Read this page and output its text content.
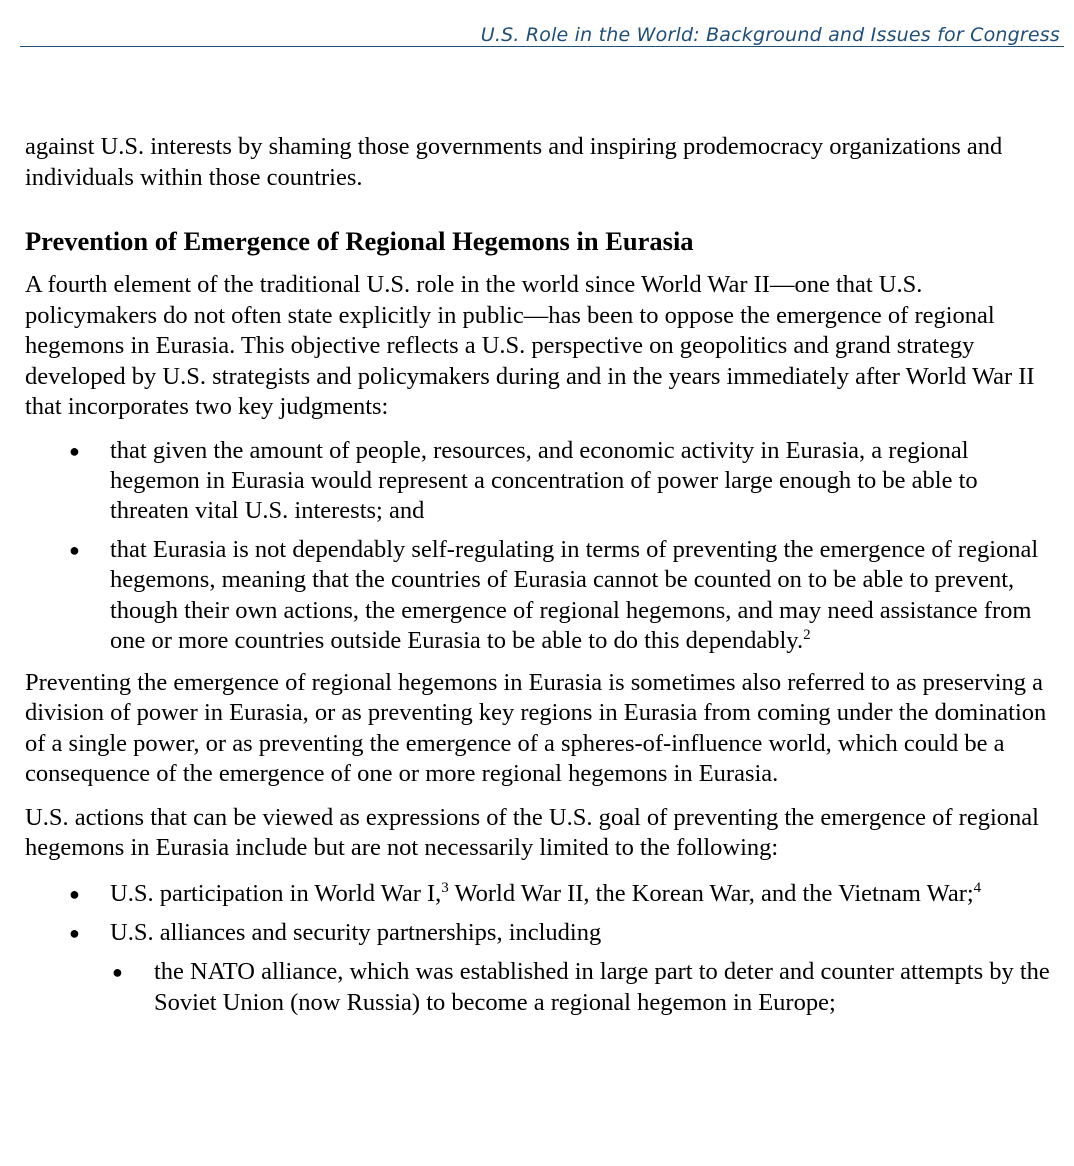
U.S. Role in the World: Background and Issues for Congress

against U.S. interests by shaming those governments and inspiring prodemocracy organizations and individuals within those countries.

Prevention of Emergence of Regional Hegemons in Eurasia

A fourth element of the traditional U.S. role in the world since World War II—one that U.S. policymakers do not often state explicitly in public—has been to oppose the emergence of regional hegemons in Eurasia. This objective reflects a U.S. perspective on geopolitics and grand strategy developed by U.S. strategists and policymakers during and in the years immediately after World War II that incorporates two key judgments:

● that given the amount of people, resources, and economic activity in Eurasia, a regional hegemon in Eurasia would represent a concentration of power large enough to be able to threaten vital U.S. interests; and
● that Eurasia is not dependably self-regulating in terms of preventing the emergence of regional hegemons, meaning that the countries of Eurasia cannot be counted on to be able to prevent, though their own actions, the emergence of regional hegemons, and may need assistance from one or more countries outside Eurasia to be able to do this dependably.$^2$

Preventing the emergence of regional hegemons in Eurasia is sometimes also referred to as preserving a division of power in Eurasia, or as preventing key regions in Eurasia from coming under the domination of a single power, or as preventing the emergence of a spheres-of-influence world, which could be a consequence of the emergence of one or more regional hegemons in Eurasia.

U.S. actions that can be viewed as expressions of the U.S. goal of preventing the emergence of regional hegemons in Eurasia include but are not necessarily limited to the following:

● U.S. participation in World War I,$^3$ World War II, the Korean War, and the Vietnam War;$^4$
● U.S. alliances and security partnerships, including
● the NATO alliance, which was established in large part to deter and counter attempts by the Soviet Union (now Russia) to become a regional hegemon in Europe;
